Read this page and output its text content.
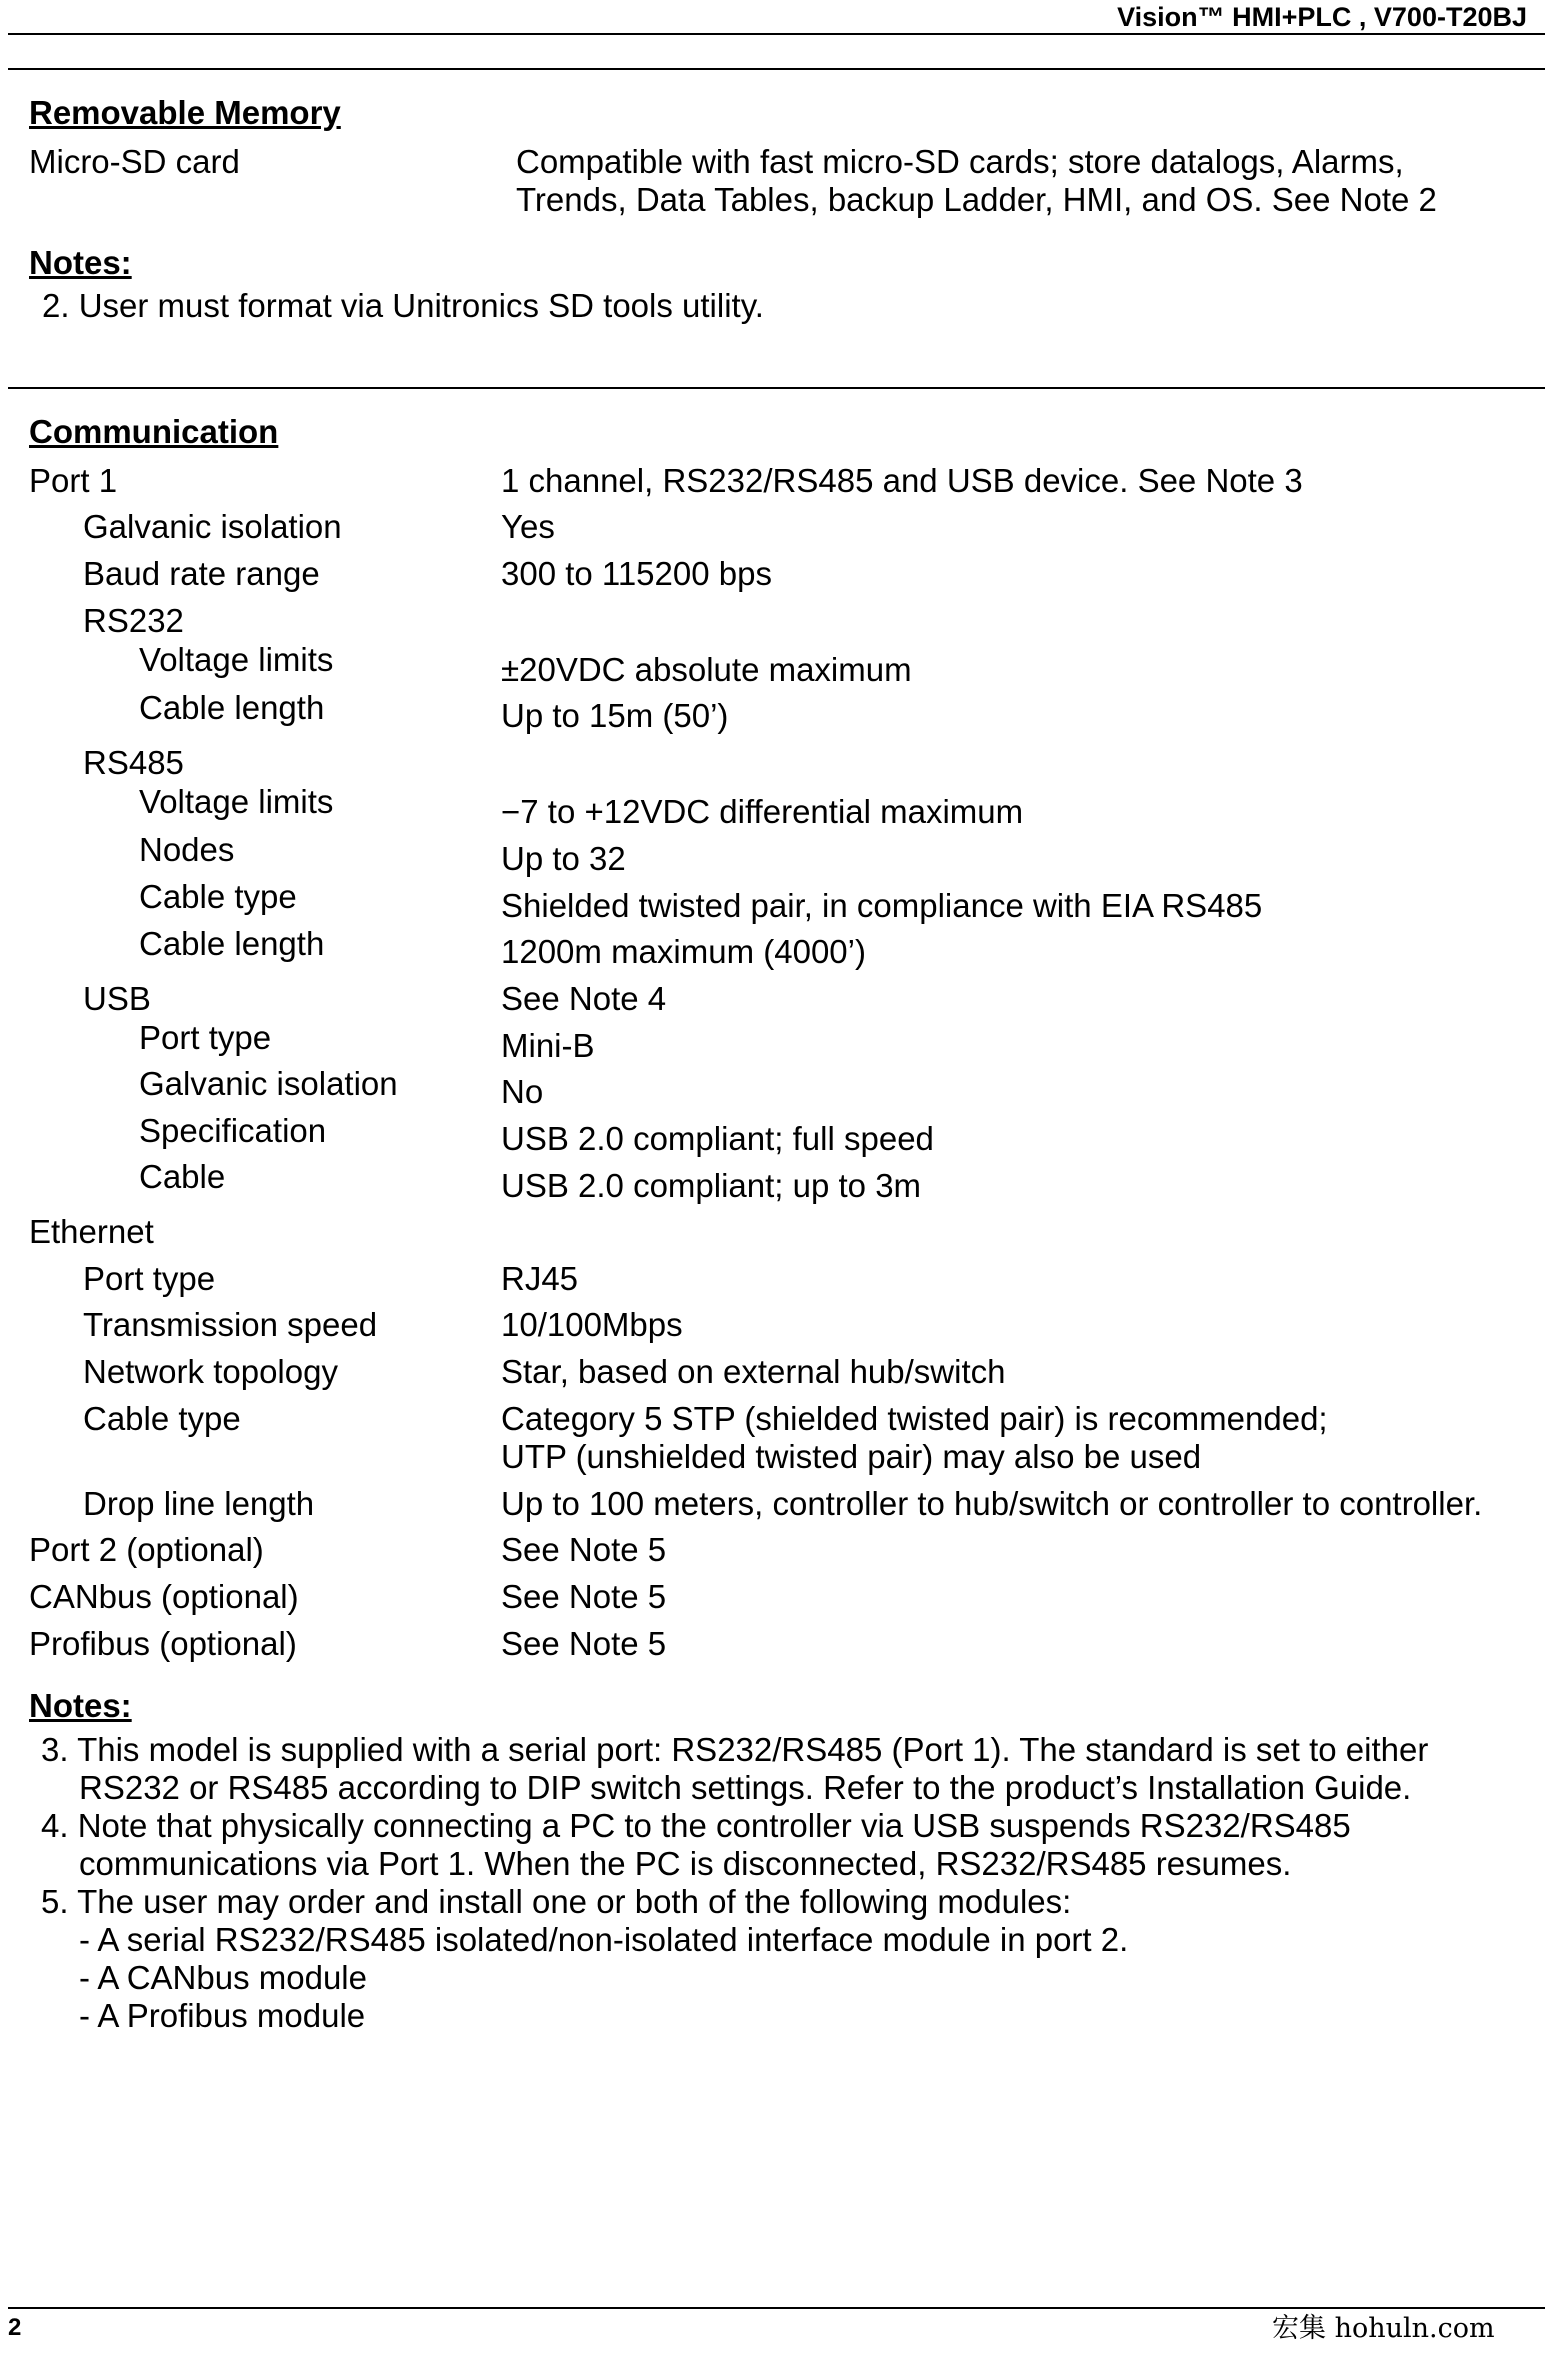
Vision™ HMI+PLC , V700-T20BJ
Removable Memory
Micro-SD card	Compatible with fast micro-SD cards; store datalogs, Alarms,
Trends, Data Tables, backup Ladder, HMI, and OS. See Note 2
Notes:
2. User must format via Unitronics SD tools utility.
Communication
Port 1	1 channel, RS232/RS485 and USB device. See Note 3
Galvanic isolation	Yes
Baud rate range	300 to 115200 bps
RS232
Voltage limits	±20VDC absolute maximum
Cable length	Up to 15m (50’)
RS485
Voltage limits	−7 to +12VDC differential maximum
Nodes	Up to 32
Cable type	Shielded twisted pair, in compliance with EIA RS485
Cable length	1200m maximum (4000’)
USB	See Note 4
Port type	Mini-B
Galvanic isolation	No
Specification	USB 2.0 compliant; full speed
Cable	USB 2.0 compliant; up to 3m
Ethernet
Port type	RJ45
Transmission speed	10/100Mbps
Network topology	Star, based on external hub/switch
Cable type	Category 5 STP (shielded twisted pair) is recommended;
UTP (unshielded twisted pair) may also be used
Drop line length	Up to 100 meters, controller to hub/switch or controller to controller.
Port 2 (optional)	See Note 5
CANbus (optional)	See Note 5
Profibus (optional)	See Note 5
Notes:
3. This model is supplied with a serial port: RS232/RS485 (Port 1). The standard is set to either
RS232 or RS485 according to DIP switch settings. Refer to the product’s Installation Guide.
4. Note that physically connecting a PC to the controller via USB suspends RS232/RS485
communications via Port 1. When the PC is disconnected, RS232/RS485 resumes.
5. The user may order and install one or both of the following modules:
- A serial RS232/RS485 isolated/non-isolated interface module in port 2.
- A CANbus module
- A Profibus module
2	宏集 hohuln.com
